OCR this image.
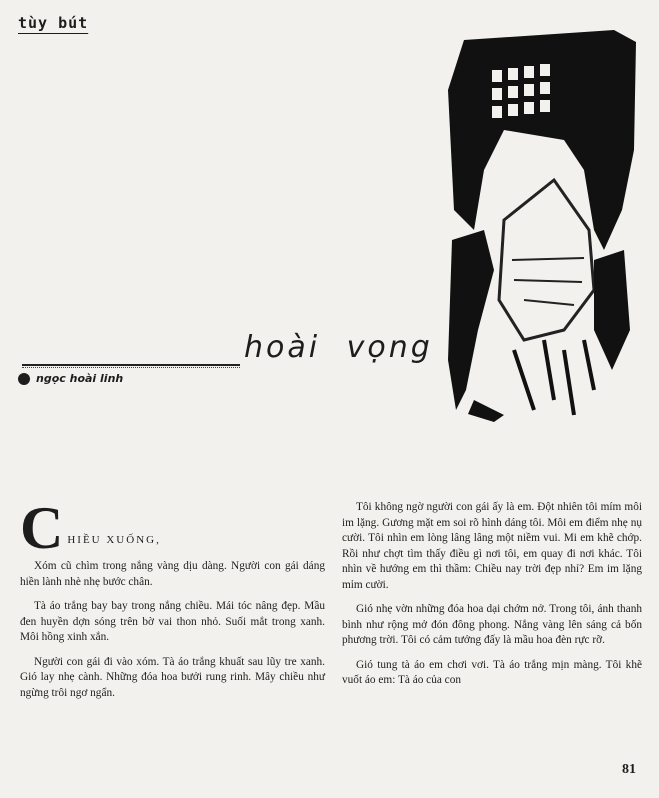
tùy bút
hoài vọng
ngọc hoài linh

C HIỀU XUỐNG,

Xóm cũ chìm trong nắng vàng dịu dàng. Người con gái dáng hiền lành nhè nhẹ bước chân.

Tà áo trắng bay bay trong nắng chiều. Mái tóc nâng đẹp. Mầu đen huyền dợn sóng trên bờ vai thon nhỏ. Suối mắt trong xanh. Môi hồng xinh xắn.

Người con gái đi vào xóm. Tà áo trắng khuất sau lũy tre xanh. Gió lay nhẹ cành. Những đóa hoa bưởi rung rinh. Mây chiều như ngừng trôi ngơ ngẩn.

Tôi không ngờ người con gái ấy là em. Đột nhiên tôi mím môi im lặng. Gương mặt em soi rõ hình dáng tôi. Môi em điểm nhẹ nụ cười. Tôi nhìn em lòng lâng lâng một niềm vui. Mi em khẽ chớp. Rồi như chợt tìm thấy điều gì nơi tôi, em quay đi nơi khác. Tôi nhìn về hướng em thì thầm: Chiều nay trời đẹp nhỉ? Em im lặng mỉm cười.

Gió nhẹ vờn những đóa hoa dại chớm nở. Trong tôi, ánh thanh bình như rộng mở đón đông phong. Nắng vàng lên sáng cả bốn phương trời. Tôi có cảm tưởng đấy là mầu hoa đèn rực rỡ.

Gió tung tà áo em chơi vơi. Tà áo trắng mịn màng. Tôi khẽ vuốt áo em: Tà áo của con

81
